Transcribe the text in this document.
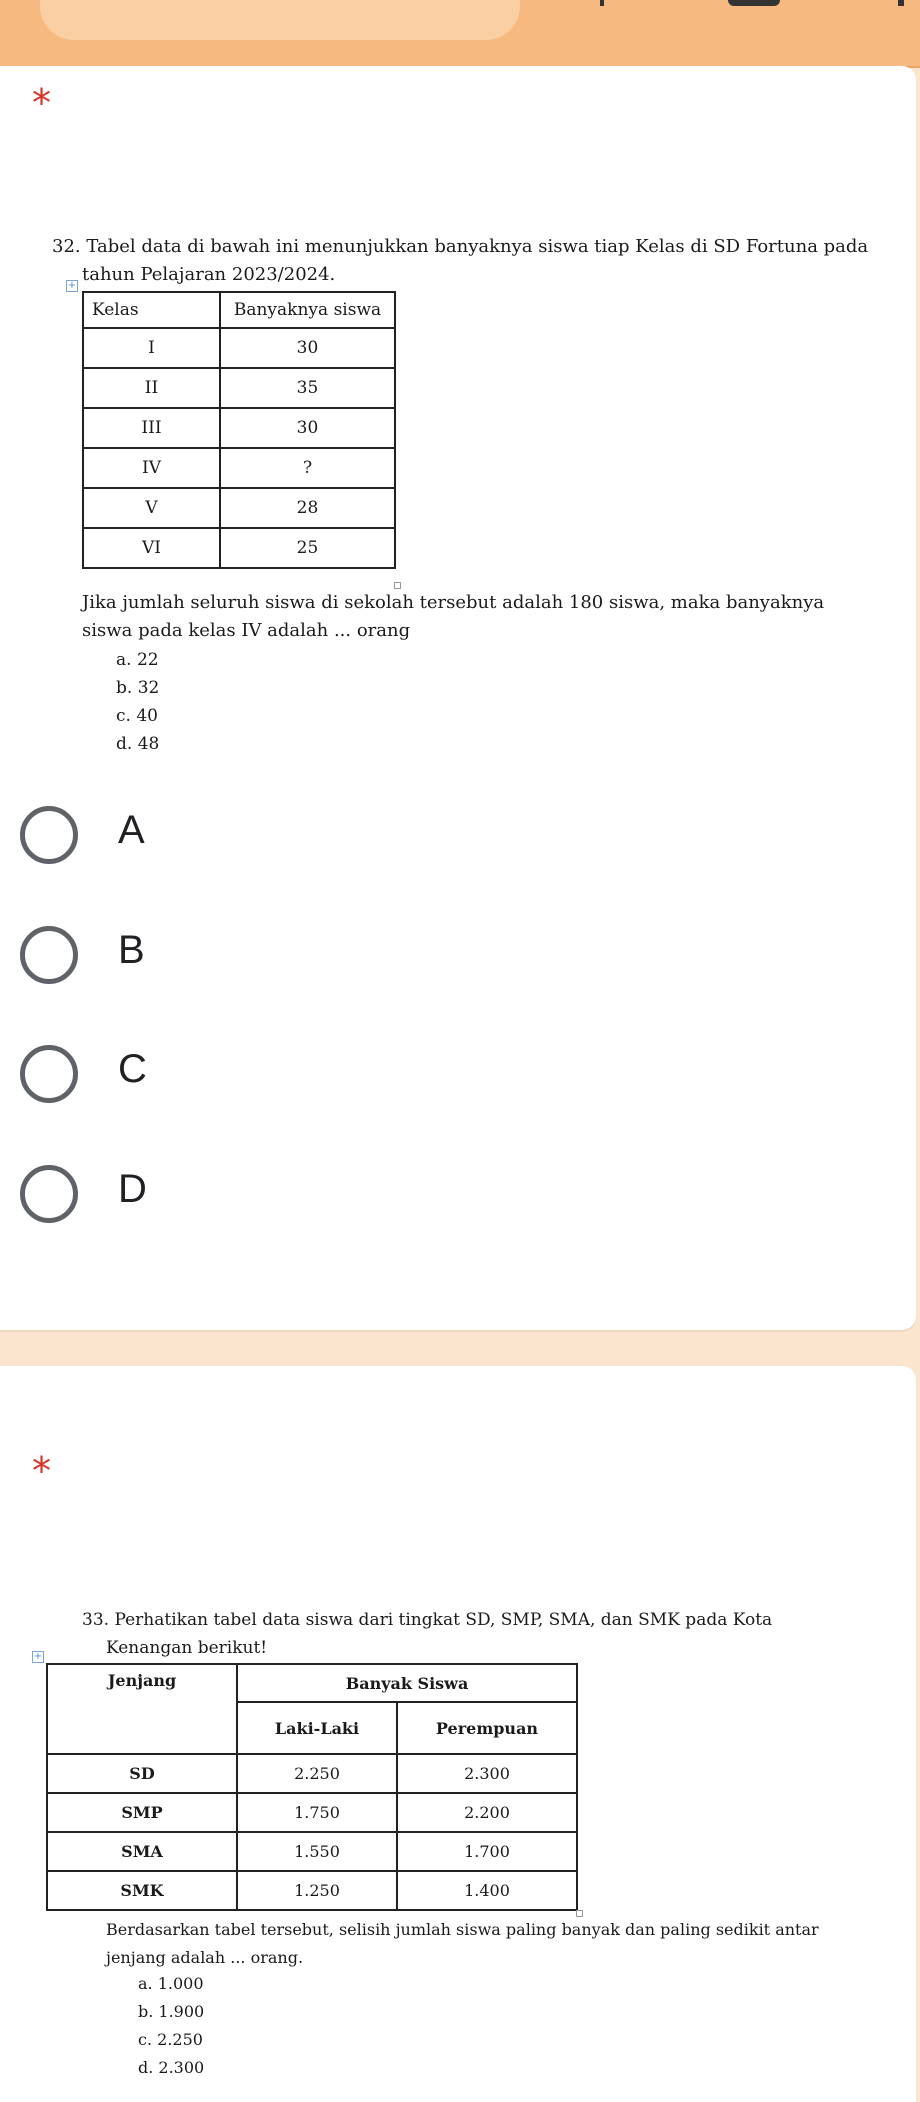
*
32. Tabel data di bawah ini menunjukkan banyaknya siswa tiap Kelas di SD Fortuna pada
+
tahun Pelajaran 2023/2024.
Kelas	Banyaknya siswa
I	30
II	35
III	30
IV	?
V	28
VI	25
Jika jumlah seluruh siswa di sekolah tersebut adalah 180 siswa, maka banyaknya
siswa pada kelas IV adalah ... orang
a. 22
b. 32
c. 40
d. 48
A
B
C
D
*
33. Perhatikan tabel data siswa dari tingkat SD, SMP, SMA, dan SMK pada Kota
+	Kenangan berikut!
Jenjang	Banyak Siswa	
	Laki-Laki	Perempuan
SD	2.250	2.300
SMP	1.750	2.200
SMA	1.550	1.700
SMK	1.250	1.400
Berdasarkan tabel tersebut, selisih jumlah siswa paling banyak dan paling sedikit antar
jenjang adalah ... orang.
a. 1.000
b. 1.900
c. 2.250
d. 2.300
